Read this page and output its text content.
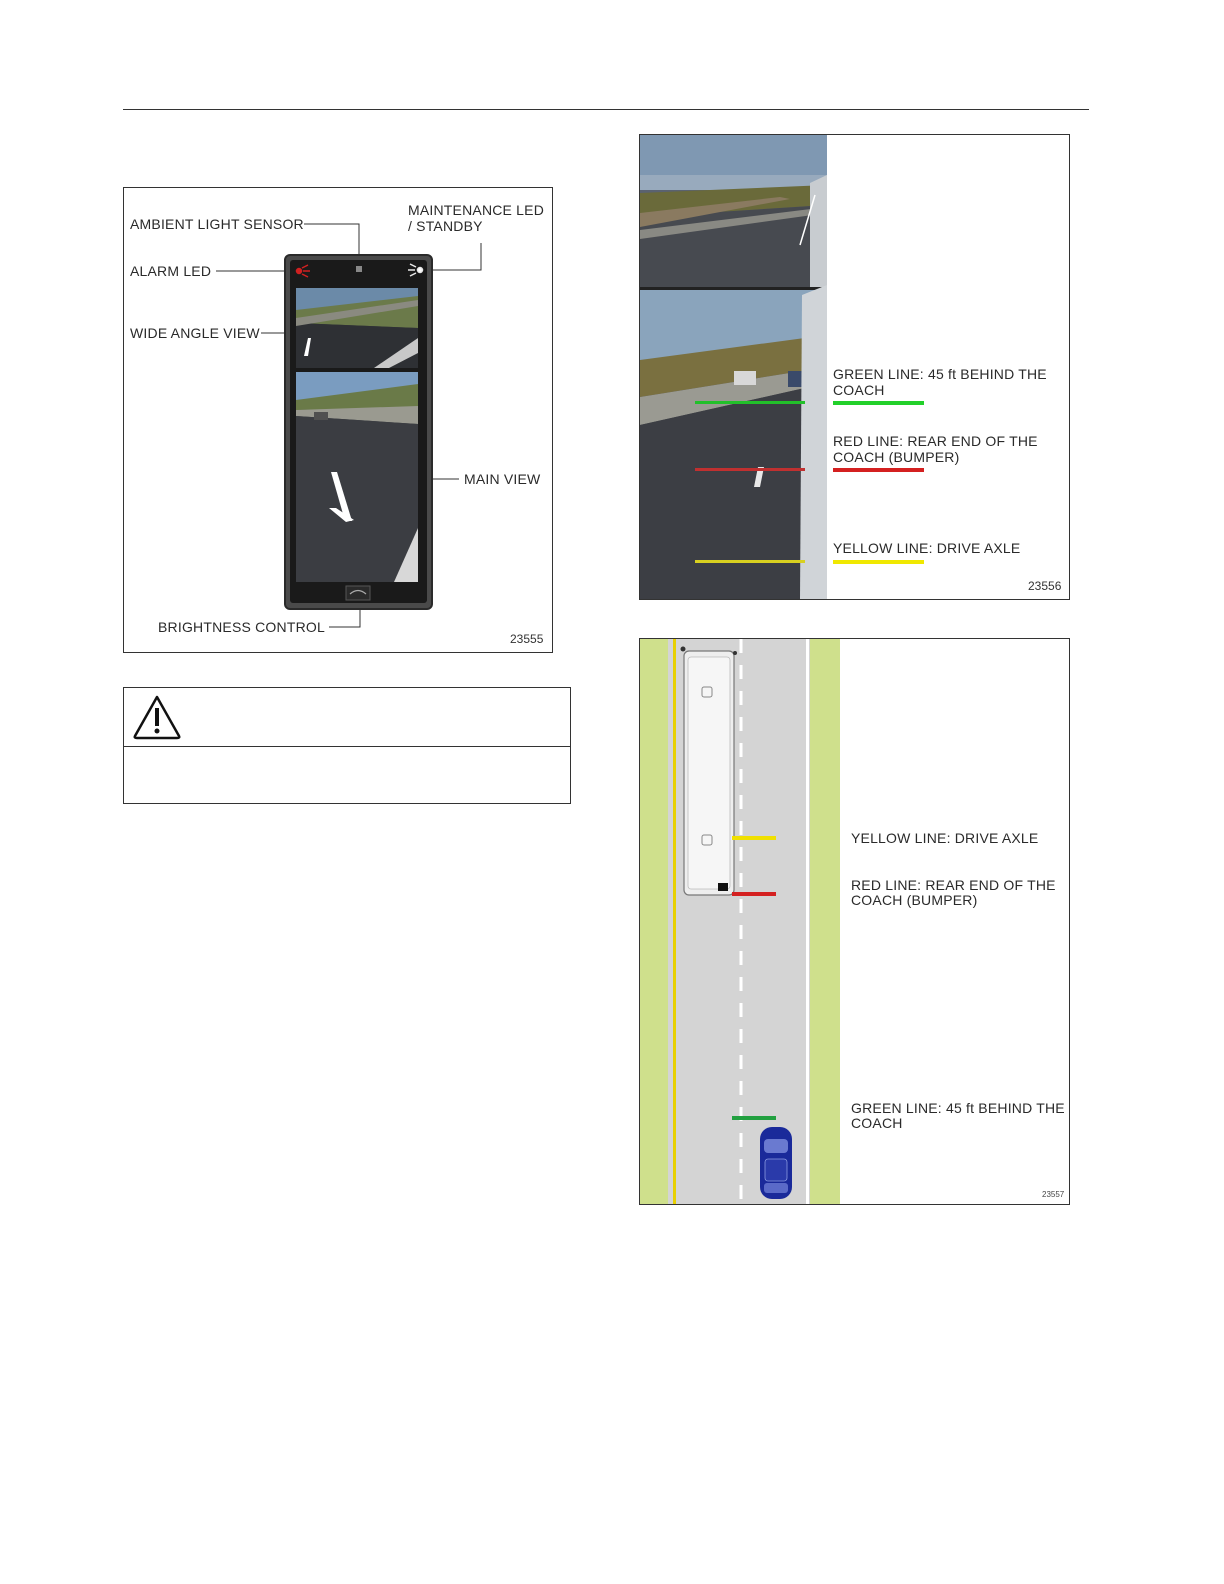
AMBIENT LIGHT SENSOR
MAINTENANCE LED
/ STANDBY
ALARM LED
WIDE ANGLE VIEW
MAIN VIEW
BRIGHTNESS CONTROL
23555
GREEN LINE: 45 ft BEHIND THE
COACH
RED LINE: REAR END OF THE
COACH (BUMPER)
YELLOW LINE: DRIVE AXLE
23556
YELLOW LINE: DRIVE AXLE
RED LINE: REAR END OF THE
COACH (BUMPER)
GREEN LINE: 45 ft BEHIND THE
COACH
23557
